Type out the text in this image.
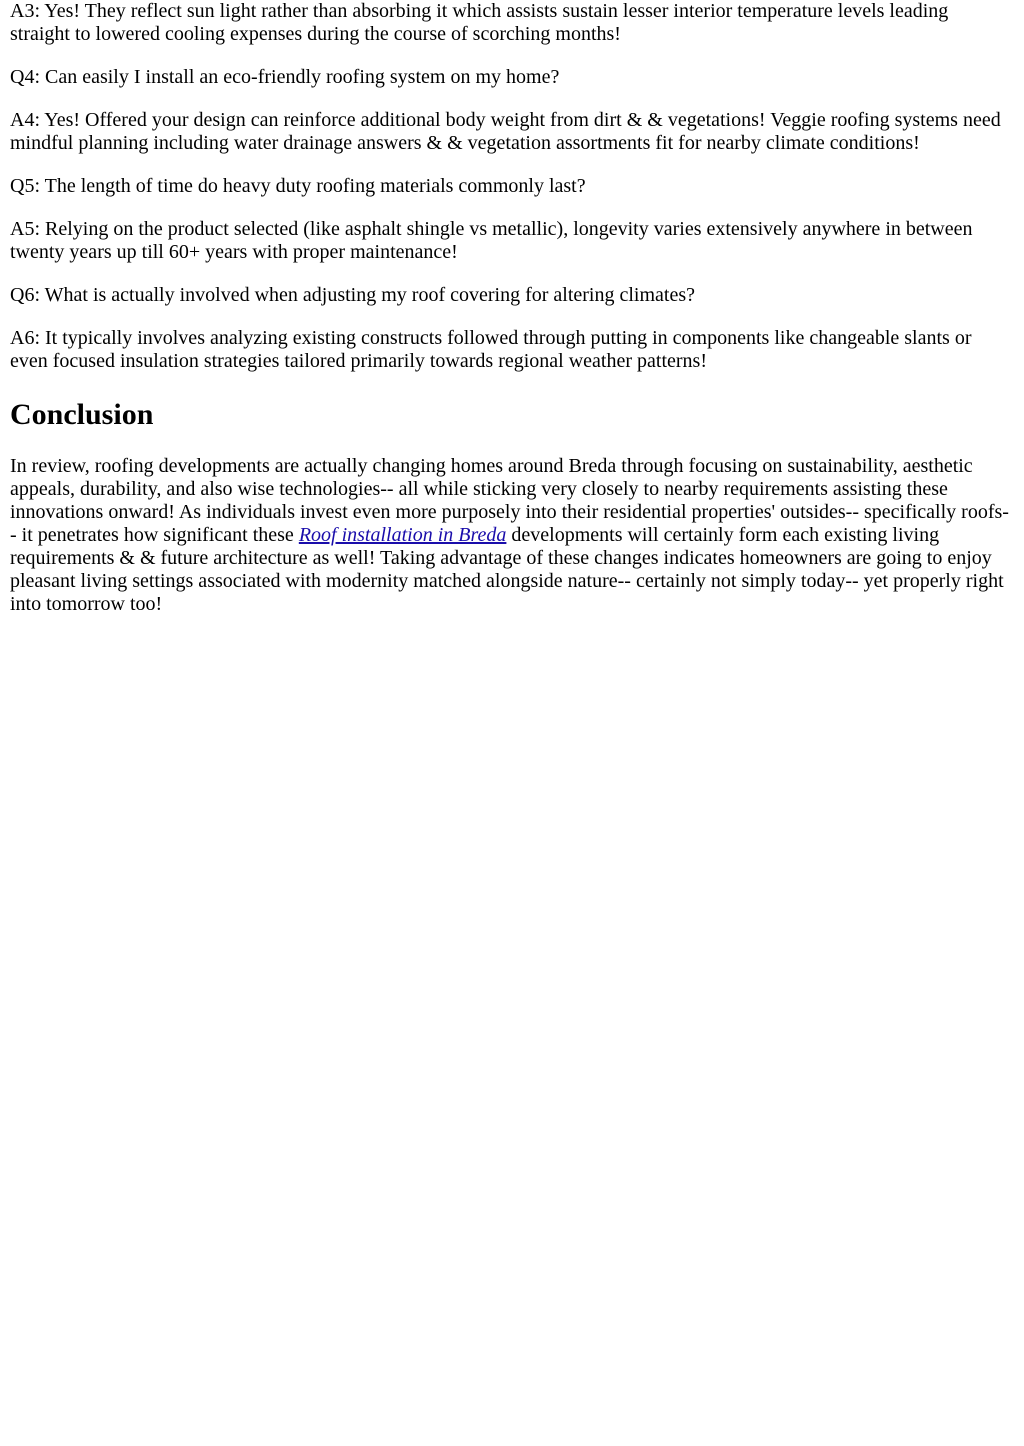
A3: Yes! They reflect sun light rather than absorbing it which assists sustain lesser interior temperature levels leading straight to lowered cooling expenses during the course of scorching months!

Q4: Can easily I install an eco-friendly roofing system on my home?

A4: Yes! Offered your design can reinforce additional body weight from dirt & & vegetations! Veggie roofing systems need mindful planning including water drainage answers & & vegetation assortments fit for nearby climate conditions!

Q5: The length of time do heavy duty roofing materials commonly last?

A5: Relying on the product selected (like asphalt shingle vs metallic), longevity varies extensively anywhere in between twenty years up till 60+ years with proper maintenance!

Q6: What is actually involved when adjusting my roof covering for altering climates?

A6: It typically involves analyzing existing constructs followed through putting in components like changeable slants or even focused insulation strategies tailored primarily towards regional weather patterns!

Conclusion

In review, roofing developments are actually changing homes around Breda through focusing on sustainability, aesthetic appeals, durability, and also wise technologies-- all while sticking very closely to nearby requirements assisting these innovations onward! As individuals invest even more purposely into their residential properties' outsides-- specifically roofs-- it penetrates how significant these Roof installation in Breda developments will certainly form each existing living requirements & & future architecture as well! Taking advantage of these changes indicates homeowners are going to enjoy pleasant living settings associated with modernity matched alongside nature-- certainly not simply today-- yet properly right into tomorrow too!
